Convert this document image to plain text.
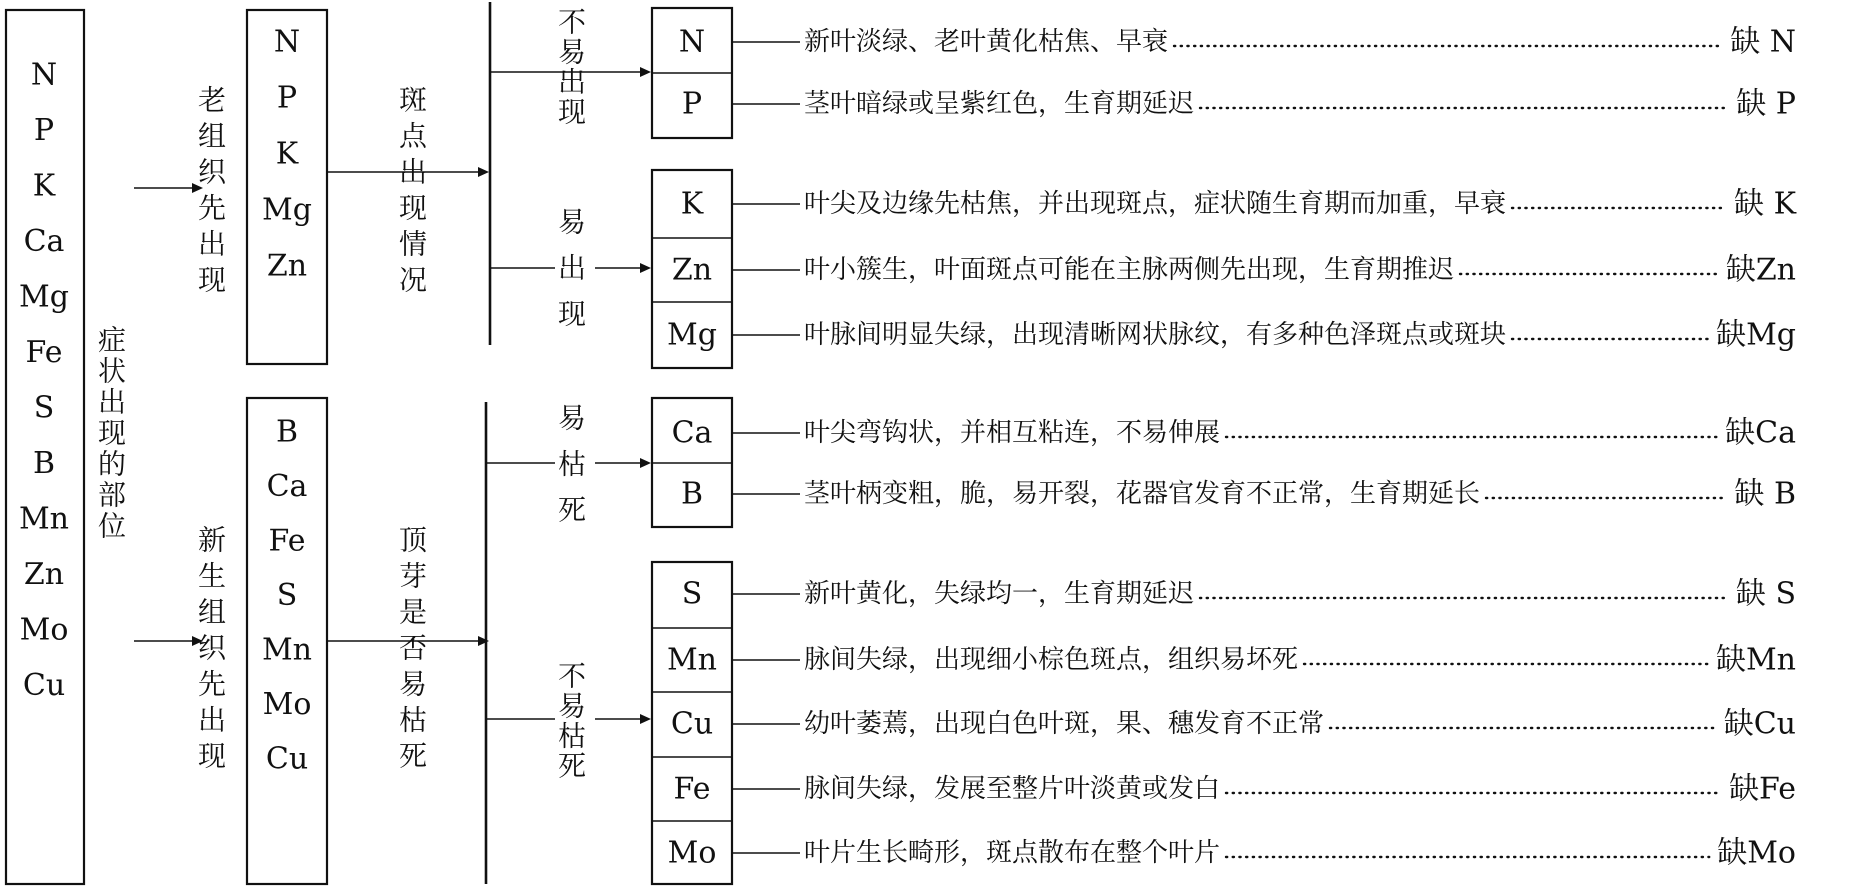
N
P
K
Ca
Mg
Fe
S
B
Mn
Zn
Mo
Cu
症状出现的部位
老组织先出现
新生组织先出现
N
P
K
Mg
Zn
B
Ca
Fe
S
Mn
Mo
Cu
斑点出现情况
顶芽是否易枯死
不易出现
易出现
易枯死
不易枯死
N	新叶淡绿、老叶黄化枯焦、早衰	缺 N
P	茎叶暗绿或呈紫红色，生育期延迟	缺 P
K	叶尖及边缘先枯焦，并出现斑点，症状随生育期而加重，早衰	缺 K
Zn	叶小簇生，叶面斑点可能在主脉两侧先出现，生育期推迟	缺Zn
Mg	叶脉间明显失绿，出现清晰网状脉纹，有多种色泽斑点或斑块	缺Mg
Ca	叶尖弯钩状，并相互粘连，不易伸展	缺Ca
B	茎叶柄变粗，脆，易开裂，花器官发育不正常，生育期延长	缺 B
S	新叶黄化，失绿均一，生育期延迟	缺 S
Mn	脉间失绿，出现细小棕色斑点，组织易坏死	缺Mn
Cu	幼叶萎蔫，出现白色叶斑，果、穗发育不正常	缺Cu
Fe	脉间失绿，发展至整片叶淡黄或发白	缺Fe
Mo	叶片生长畸形，斑点散布在整个叶片	缺Mo
